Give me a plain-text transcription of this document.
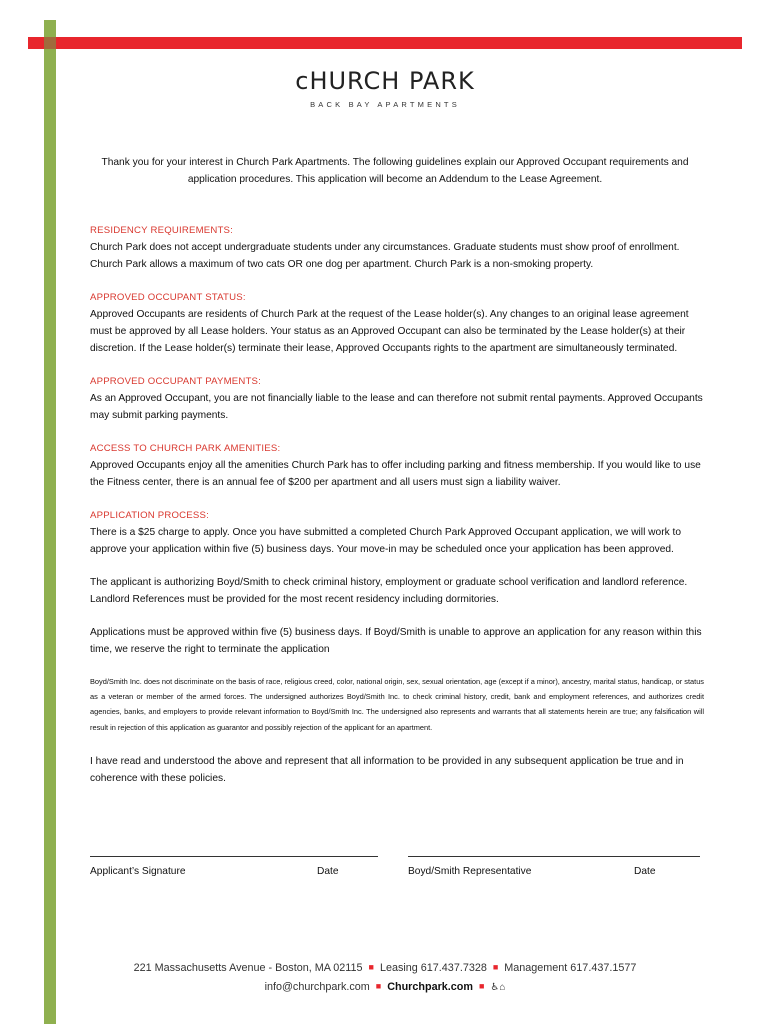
cHURCH PARK
BACK BAY APARTMENTS
Thank you for your interest in Church Park Apartments. The following guidelines explain our Approved Occupant requirements and application procedures. This application will become an Addendum to the Lease Agreement.
RESIDENCY REQUIREMENTS:
Church Park does not accept undergraduate students under any circumstances. Graduate students must show proof of enrollment. Church Park allows a maximum of two cats OR one dog per apartment. Church Park is a non-smoking property.
APPROVED OCCUPANT STATUS:
Approved Occupants are residents of Church Park at the request of the Lease holder(s). Any changes to an original lease agreement must be approved by all Lease holders. Your status as an Approved Occupant can also be terminated by the Lease holder(s) at their discretion. If the Lease holder(s) terminate their lease, Approved Occupants rights to the apartment are simultaneously terminated.
APPROVED OCCUPANT PAYMENTS:
As an Approved Occupant, you are not financially liable to the lease and can therefore not submit rental payments. Approved Occupants may submit parking payments.
ACCESS TO CHURCH PARK AMENITIES:
Approved Occupants enjoy all the amenities Church Park has to offer including parking and fitness membership. If you would like to use the Fitness center, there is an annual fee of $200 per apartment and all users must sign a liability waiver.
APPLICATION PROCESS:
There is a $25 charge to apply. Once you have submitted a completed Church Park Approved Occupant application, we will work to approve your application within five (5) business days. Your move-in may be scheduled once your application has been approved.
The applicant is authorizing Boyd/Smith to check criminal history, employment or graduate school verification and landlord reference. Landlord References must be provided for the most recent residency including dormitories.
Applications must be approved within five (5) business days. If Boyd/Smith is unable to approve an application for any reason within this time, we reserve the right to terminate the application
Boyd/Smith Inc. does not discriminate on the basis of race, religious creed, color, national origin, sex, sexual orientation, age (except if a minor), ancestry, marital status, handicap, or status as a veteran or member of the armed forces. The undersigned authorizes Boyd/Smith Inc. to check criminal history, credit, bank and employment references, and authorizes credit agencies, banks, and employers to provide relevant information to Boyd/Smith Inc. The undersigned also represents and warrants that all statements herein are true; any falsification will result in rejection of this application as guarantor and possibly rejection of the applicant for an apartment.
I have read and understood the above and represent that all information to be provided in any subsequent application be true and in coherence with these policies.
Applicant’s Signature	Date	Boyd/Smith Representative	Date
221 Massachusetts Avenue - Boston, MA 02115 ■ Leasing 617.437.7328 ■ Management 617.437.1577
info@churchpark.com ■ Churchpark.com ■ ♿︎⌂
